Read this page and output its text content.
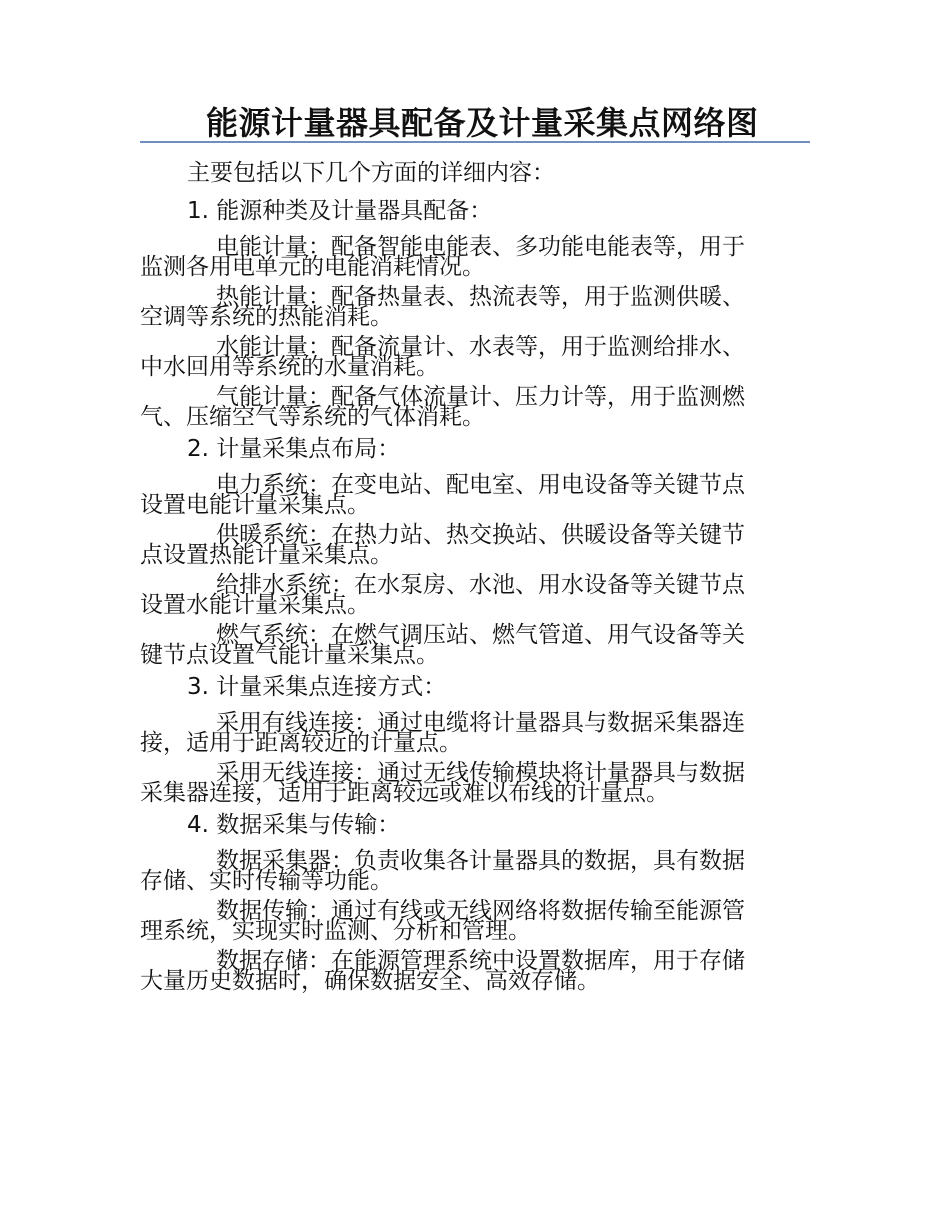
能源计量器具配备及计量采集点网络图
主要包括以下几个方面的详细内容：
1. 能源种类及计量器具配备：
电能计量：配备智能电能表、多功能电能表等，用于
监测各用电单元的电能消耗情况。
热能计量：配备热量表、热流表等，用于监测供暖、
空调等系统的热能消耗。
水能计量：配备流量计、水表等，用于监测给排水、
中水回用等系统的水量消耗。
气能计量：配备气体流量计、压力计等，用于监测燃
气、压缩空气等系统的气体消耗。
2. 计量采集点布局：
电力系统：在变电站、配电室、用电设备等关键节点
设置电能计量采集点。
供暖系统：在热力站、热交换站、供暖设备等关键节
点设置热能计量采集点。
给排水系统：在水泵房、水池、用水设备等关键节点
设置水能计量采集点。
燃气系统：在燃气调压站、燃气管道、用气设备等关
键节点设置气能计量采集点。
3. 计量采集点连接方式：
采用有线连接：通过电缆将计量器具与数据采集器连
接，适用于距离较近的计量点。
采用无线连接：通过无线传输模块将计量器具与数据
采集器连接，适用于距离较远或难以布线的计量点。
4. 数据采集与传输：
数据采集器：负责收集各计量器具的数据，具有数据
存储、实时传输等功能。
数据传输：通过有线或无线网络将数据传输至能源管
理系统，实现实时监测、分析和管理。
数据存储：在能源管理系统中设置数据库，用于存储
大量历史数据时，确保数据安全、高效存储。
